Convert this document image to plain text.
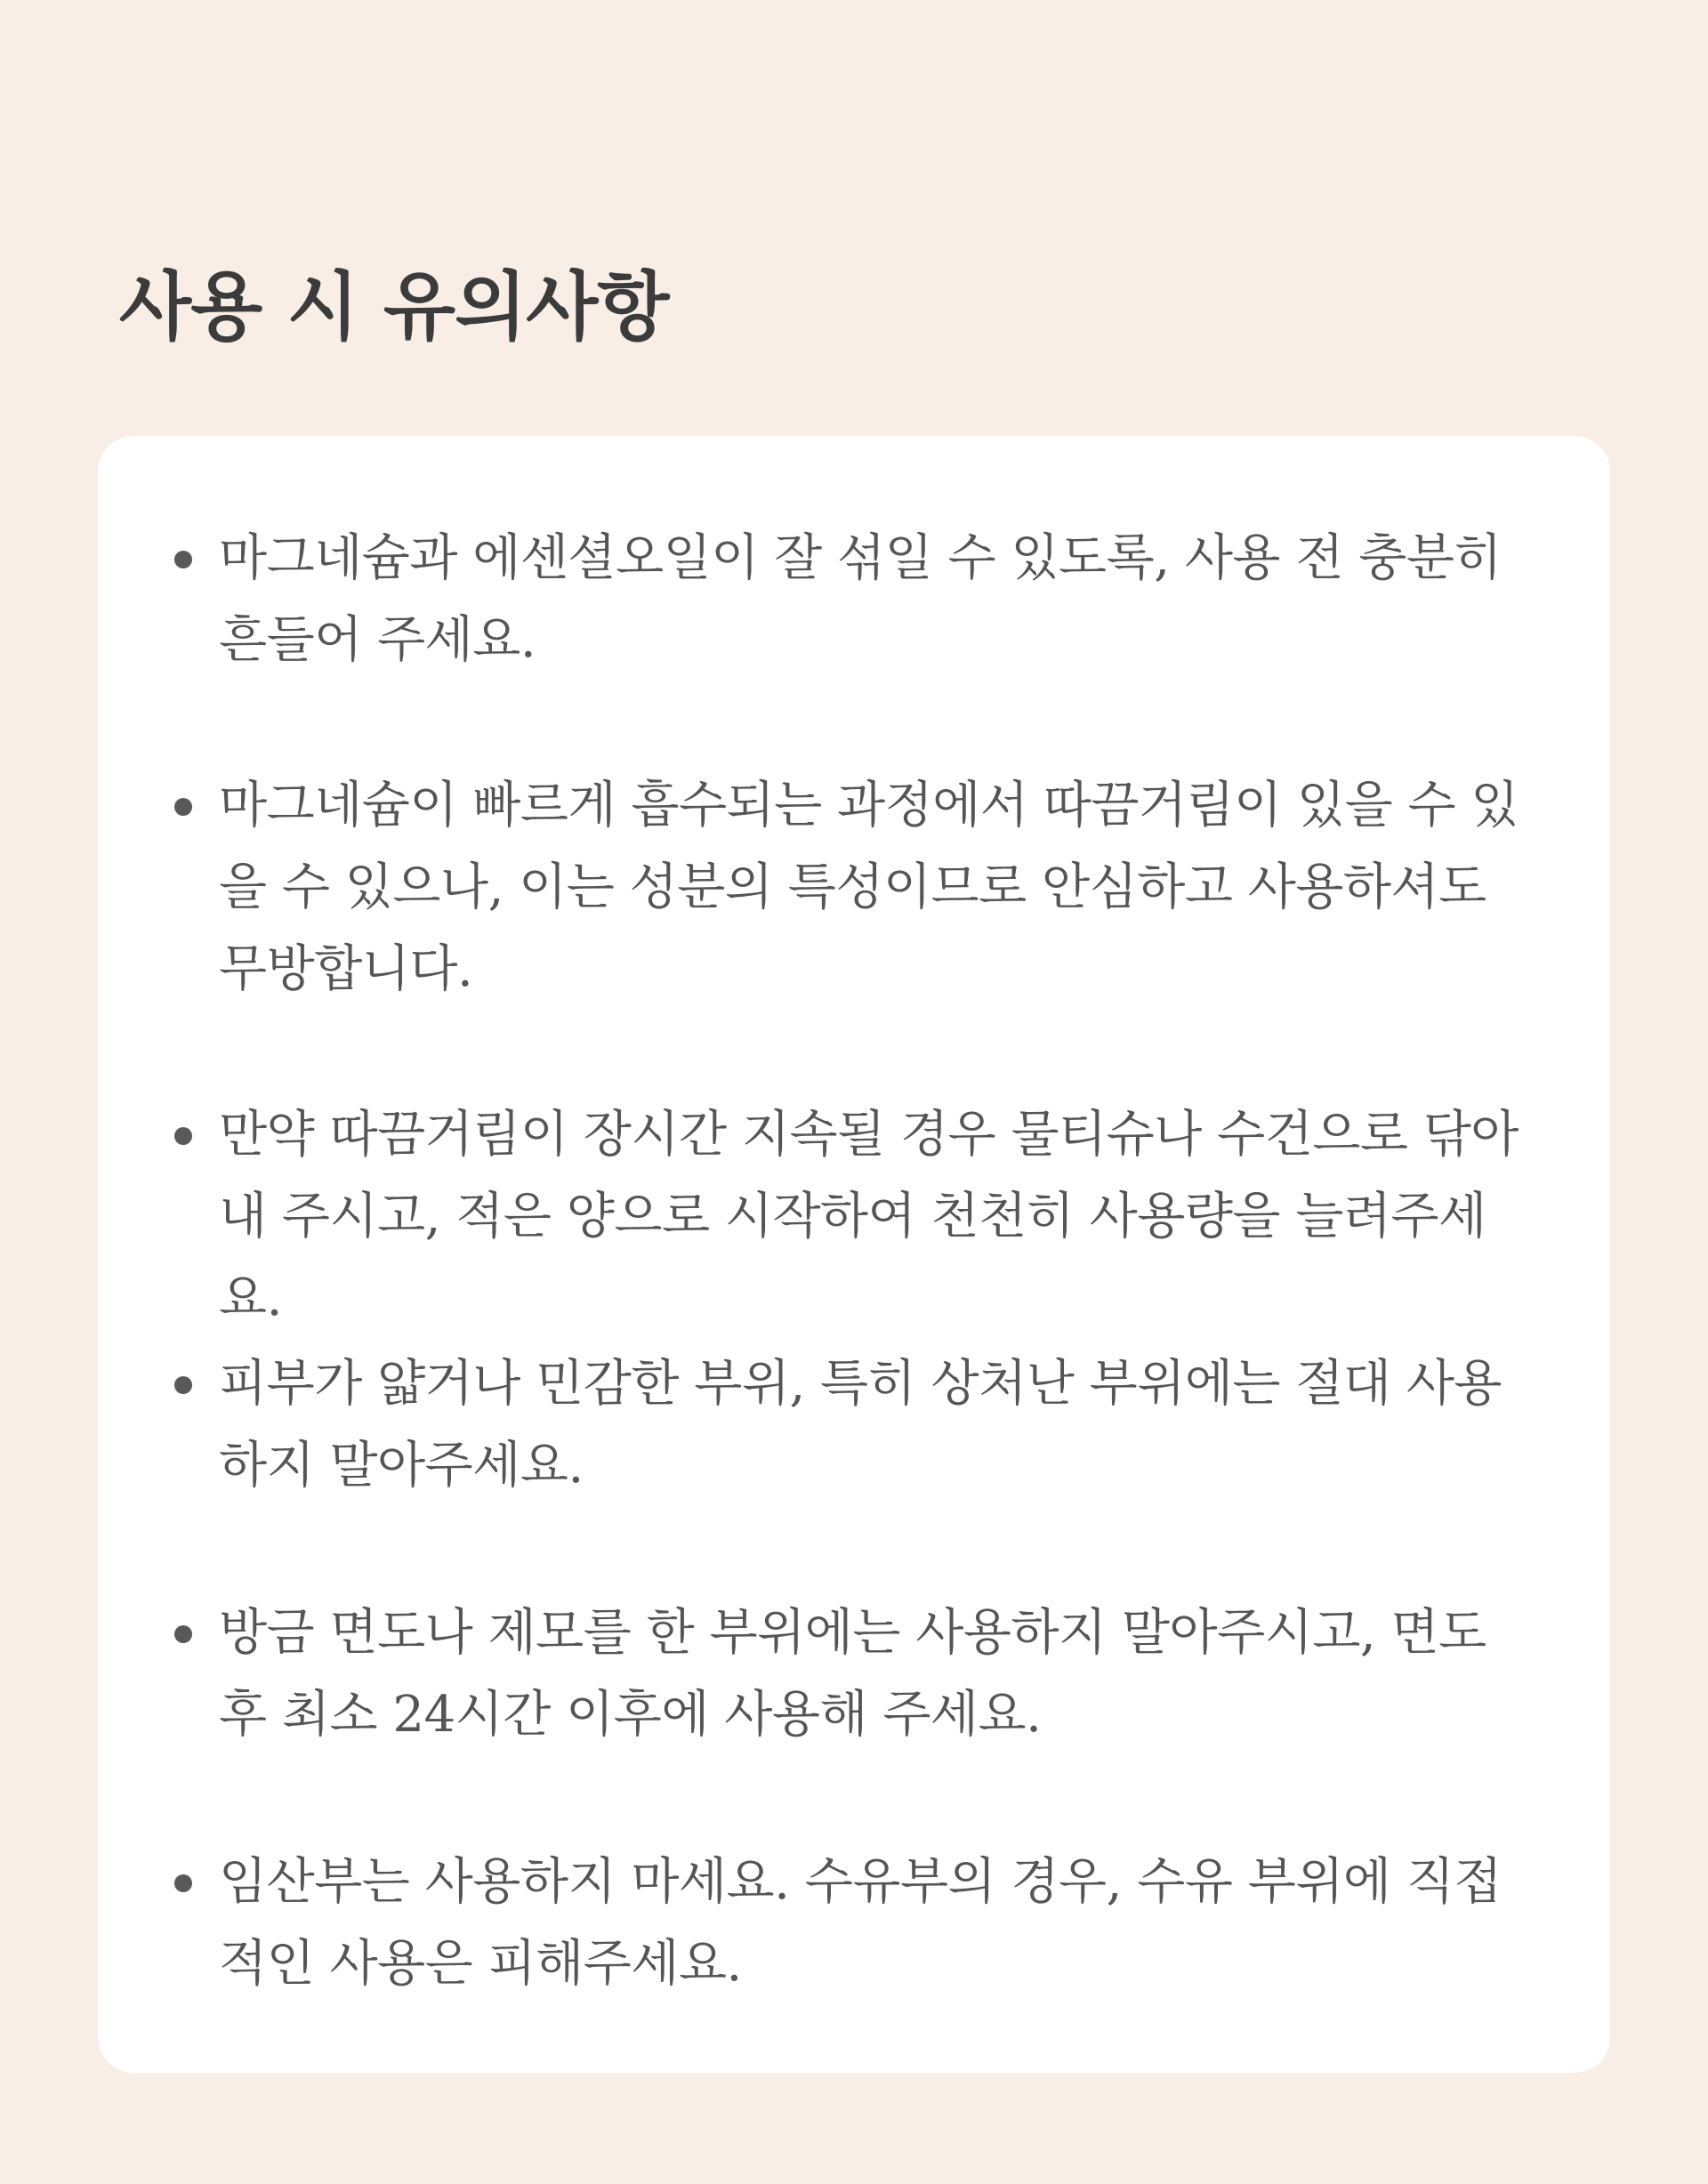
사용 시 유의사항
마그네슘과 에센셜오일이 잘 섞일 수 있도록, 사용 전 충분히 흔들어 주세요.
마그네슘이 빠르게 흡수되는 과정에서 따끔거림이 있을 수 있을 수 있으나, 이는 성분의 특성이므로 안심하고 사용하셔도 무방합니다.
만약 따끔거림이 장시간 지속될 경우 물티슈나 수건으로 닦아내 주시고, 적은 양으로 시작하여 천천히 사용량을 늘려주세요.
피부가 얇거나 민감한 부위, 특히 상처난 부위에는 절대 사용하지 말아주세요.
방금 면도나 제모를 한 부위에는 사용하지 말아주시고, 면도 후 최소 24시간 이후에 사용해 주세요.
임산부는 사용하지 마세요. 수유부의 경우, 수유 부위에 직접적인 사용은 피해주세요.
